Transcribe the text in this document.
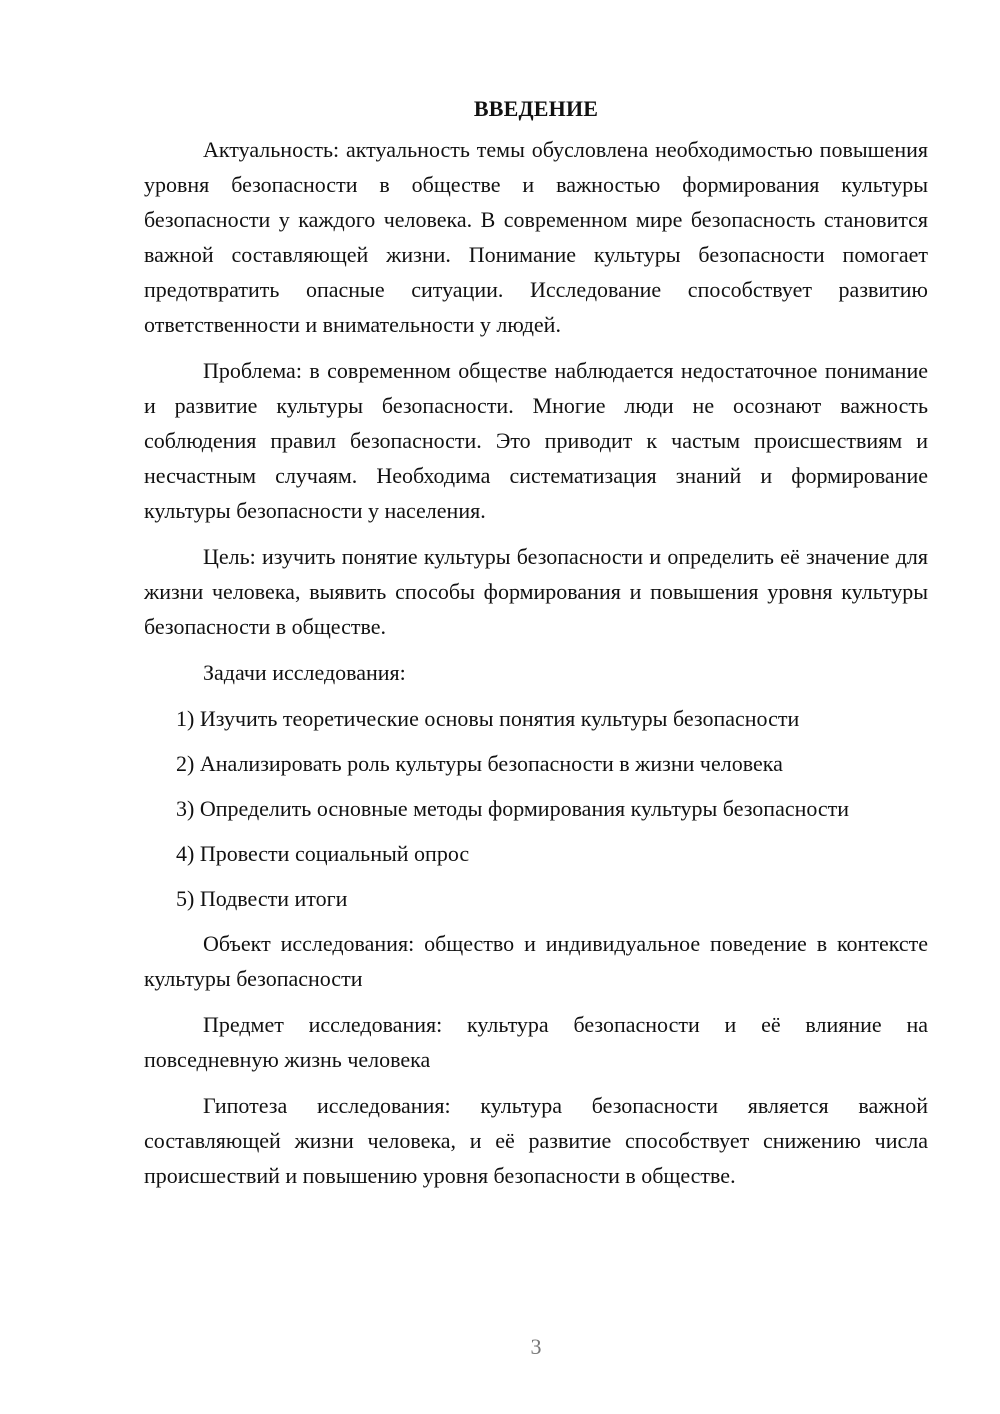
ВВЕДЕНИЕ

Актуальность: актуальность темы обусловлена необходимостью повышения уровня безопасности в обществе и важностью формирования культуры безопасности у каждого человека. В современном мире безопасность становится важной составляющей жизни. Понимание культуры безопасности помогает предотвратить опасные ситуации. Исследование способствует развитию ответственности и внимательности у людей.

Проблема: в современном обществе наблюдается недостаточное понимание и развитие культуры безопасности. Многие люди не осознают важность соблюдения правил безопасности. Это приводит к частым происшествиям и несчастным случаям. Необходима систематизация знаний и формирование культуры безопасности у населения.

Цель: изучить понятие культуры безопасности и определить её значение для жизни человека, выявить способы формирования и повышения уровня культуры безопасности в обществе.

Задачи исследования:

1) Изучить теоретические основы понятия культуры безопасности
2) Анализировать роль культуры безопасности в жизни человека
3) Определить основные методы формирования культуры безопасности
4) Провести социальный опрос
5) Подвести итоги

Объект исследования: общество и индивидуальное поведение в контексте культуры безопасности

Предмет исследования: культура безопасности и её влияние на повседневную жизнь человека

Гипотеза исследования: культура безопасности является важной составляющей жизни человека, и её развитие способствует снижению числа происшествий и повышению уровня безопасности в обществе.

3
